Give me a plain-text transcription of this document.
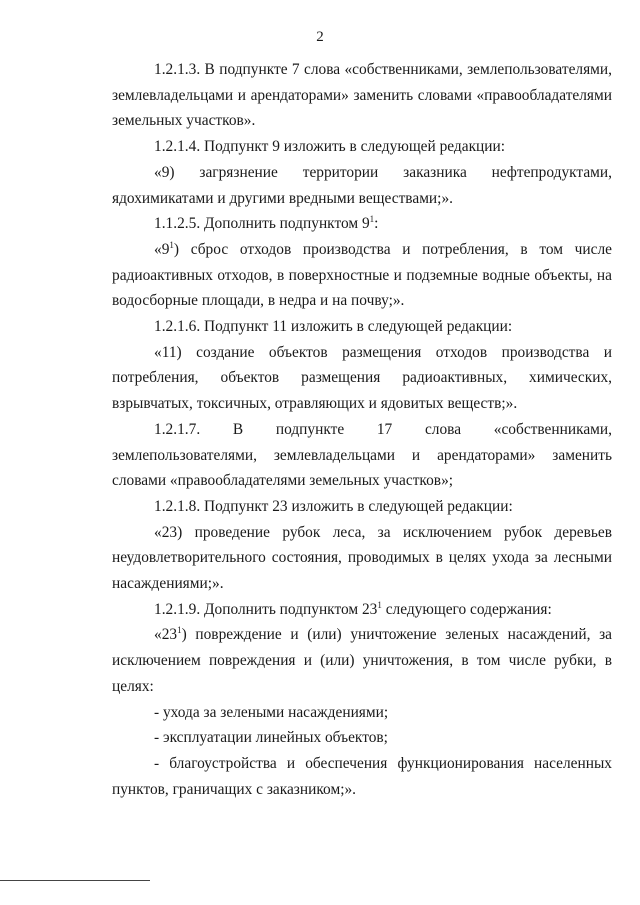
2

1.2.1.3. В подпункте 7 слова «собственниками, землепользователями, землевладельцами и арендаторами» заменить словами «правообладателями земельных участков».

1.2.1.4. Подпункт 9 изложить в следующей редакции:

«9) загрязнение территории заказника нефтепродуктами, ядохимикатами и другими вредными веществами;».

1.1.2.5. Дополнить подпунктом $9^1$:

«$9^1$) сброс отходов производства и потребления, в том числе радиоактивных отходов, в поверхностные и подземные водные объекты, на водосборные площади, в недра и на почву;».

1.2.1.6. Подпункт 11 изложить в следующей редакции:

«11) создание объектов размещения отходов производства и потребления, объектов размещения радиоактивных, химических, взрывчатых, токсичных, отравляющих и ядовитых веществ;».

1.2.1.7. В подпункте 17 слова «собственниками, землепользователями, землевладельцами и арендаторами» заменить словами «правообладателями земельных участков»;

1.2.1.8. Подпункт 23 изложить в следующей редакции:

«23) проведение рубок леса, за исключением рубок деревьев неудовлетворительного состояния, проводимых в целях ухода за лесными насаждениями;».

1.2.1.9. Дополнить подпунктом $23^1$ следующего содержания:

«$23^1$) повреждение и (или) уничтожение зеленых насаждений, за исключением повреждения и (или) уничтожения, в том числе рубки, в целях:

- ухода за зелеными насаждениями;

- эксплуатации линейных объектов;

- благоустройства и обеспечения функционирования населенных пунктов, граничащих с заказником;».
